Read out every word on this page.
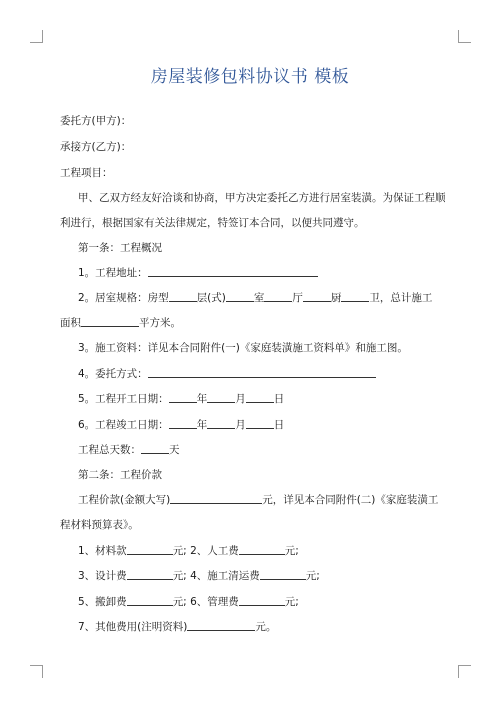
房屋装修包料协议书 模板
委托方(甲方)：
承接方(乙方)：
工程项目：
甲、乙双方经友好洽谈和协商，甲方决定委托乙方进行居室装潢。为保证工程顺
利进行，根据国家有关法律规定，特签订本合同，以便共同遵守。
第一条：工程概况
1。工程地址：
2。居室规格：房型	层(式)	室	厅	厨	卫，总计施工
面积	平方米。
3。施工资料：详见本合同附件(一)《家庭装潢施工资料单》和施工图。
4。委托方式：
5。工程开工日期：	年	月	日
6。工程竣工日期：	年	月	日
工程总天数：	天
第二条：工程价款
工程价款(金额大写)	元，详见本合同附件(二)《家庭装潢工
程材料预算表》。
1、材料款	元; 2、人工费	元;
3、设计费	元; 4、施工清运费	元;
5、搬卸费	元; 6、管理费	元;
7、其他费用(注明资料)	元。
